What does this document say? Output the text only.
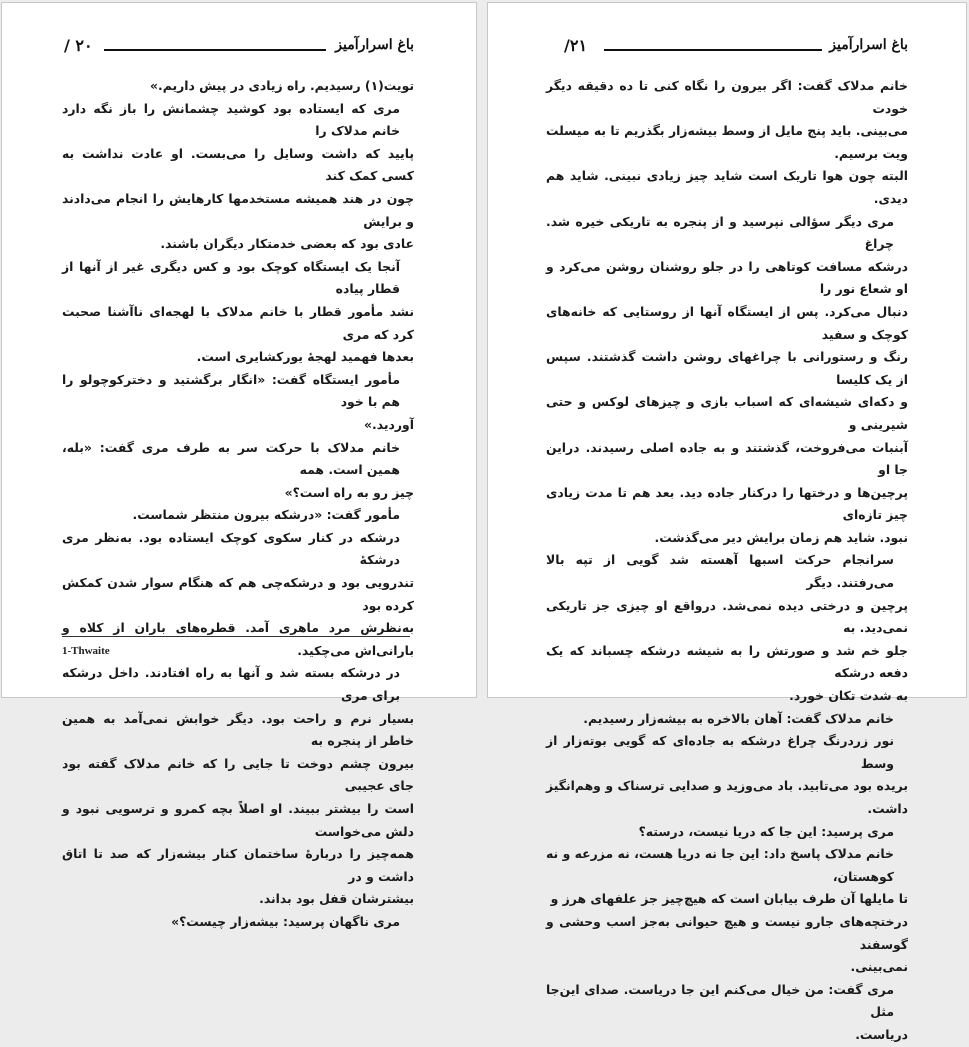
باغ اسرارآمیز
۲۰ /
تویت(۱) رسیدیم. راه زیادی در پیش داریم.»
مری که ایستاده بود کوشید چشمانش را باز نگه دارد خانم مدلاک را
پایید که داشت وسایل را می‌بست. او عادت نداشت به کسی کمک کند
چون در هند همیشه مستخدمها کارهایش را انجام می‌دادند و برایش
عادی بود که بعضی خدمتکار دیگران باشند.
آنجا یک ایستگاه کوچک بود و کس دیگری غیر از آنها از قطار پیاده
نشد مأمور قطار با خانم مدلاک با لهجه‌ای ناآشنا صحبت کرد که مری
بعدها فهمید لهجهٔ یورکشایری است.
مأمور ایستگاه گفت: «انگار برگشتید و دخترکوچولو را هم با خود
آوردید.»
خانم مدلاک با حرکت سر به طرف مری گفت: «بله، همین است. همه
چیز رو به راه است؟»
مأمور گفت: «درشکه بیرون منتظر شماست.
درشکه در کنار سکوی کوچک ایستاده بود. به‌نظر مری درشکهٔ
تندرویی بود و درشکه‌چی هم که هنگام سوار شدن کمکش کرده بود
به‌نظرش مرد ماهری آمد. قطره‌های باران از کلاه و بارانی‌اش می‌چکید.
در درشکه بسته شد و آنها به راه افتادند. داخل درشکه برای مری
بسیار نرم و راحت بود. دیگر خوابش نمی‌آمد به همین خاطر از پنجره به
بیرون چشم دوخت تا جایی را که خانم مدلاک گفته بود جای عجیبی
است را بیشتر ببیند. او اصلاً بچه کمرو و ترسویی نبود و دلش می‌خواست
همه‌چیز را دربارهٔ ساختمان کنار بیشه‌زار که صد تا اتاق داشت و در
بیشترشان قفل بود بداند.
مری ناگهان پرسید: بیشه‌زار چیست؟»
1-Thwaite
باغ اسرارآمیز
۲۱/
خانم مدلاک گفت: اگر بیرون را نگاه کنی تا ده دقیقه دیگر خودت
می‌بینی. باید پنج مایل از وسط بیشه‌زار بگذریم تا به میسلت ویت برسیم.
البته چون هوا تاریک است شاید چیز زیادی نبینی. شاید هم دیدی.
مری دیگر سؤالی نپرسید و از پنجره به تاریکی خیره شد. چراغ
درشکه مسافت کوتاهی را در جلو روشنان روشن می‌کرد و او شعاع نور را
دنبال می‌کرد. پس از ایستگاه آنها از روستایی که خانه‌های کوچک و سفید
رنگ و رستورانی با چراغهای روشن داشت گذشتند. سپس از یک کلیسا
و دکه‌ای شیشه‌ای که اسباب بازی و چیزهای لوکس و حتی شیرینی و
آبنبات می‌فروخت، گذشتند و به جاده اصلی رسیدند. دراین جا او
پرچین‌ها و درختها را درکنار جاده دید. بعد هم تا مدت زیادی چیز تازه‌ای
نبود. شاید هم زمان برایش دیر می‌گذشت.
سرانجام حرکت اسبها آهسته شد گویی از تپه بالا می‌رفتند. دیگر
پرچین و درختی دیده نمی‌شد. درواقع او چیزی جز تاریکی نمی‌دید. به
جلو خم شد و صورتش را به شیشه درشکه چسباند که یک دفعه درشکه
به شدت تکان خورد.
خانم مدلاک گفت: آهان بالاخره به بیشه‌زار رسیدیم.
نور زردرنگ چراغ درشکه به جاده‌ای که گویی بوته‌زار از وسط
بریده بود می‌تابید. باد می‌وزید و صدایی ترسناک و وهم‌انگیز داشت.
مری پرسید: این جا که دریا نیست، درسته؟
خانم مدلاک پاسخ داد: این جا نه دریا هست، نه مزرعه و نه کوهستان،
تا مایلها آن طرف بیابان است که هیچ‌چیز جز علفهای هرز و
درختچه‌های جارو نیست و هیچ حیوانی به‌جز اسب وحشی و گوسفند
نمی‌بینی.
مری گفت: من خیال می‌کنم این جا دریاست. صدای این‌جا مثل
دریاست.
